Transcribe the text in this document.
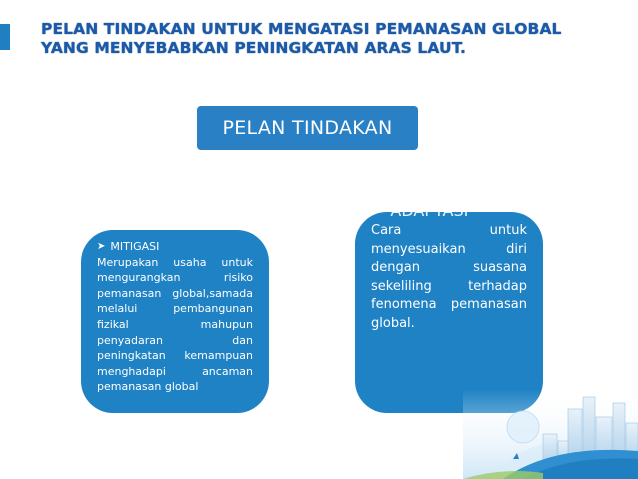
PELAN TINDAKAN UNTUK MENGATASI PEMANASAN GLOBAL YANG MENYEBABKAN PENINGKATAN ARAS LAUT.
PELAN TINDAKAN
➤ MITIGASI
Merupakan usaha untuk mengurangkan risiko pemanasan global,samada melalui pembangunan fizikal mahupun penyadaran dan peningkatan kemampuan menghadapi ancaman pemanasan global
➤ ADAPTASI
Cara untuk menyesuaikan diri dengan suasana sekeliling terhadap fenomena pemanasan global.
